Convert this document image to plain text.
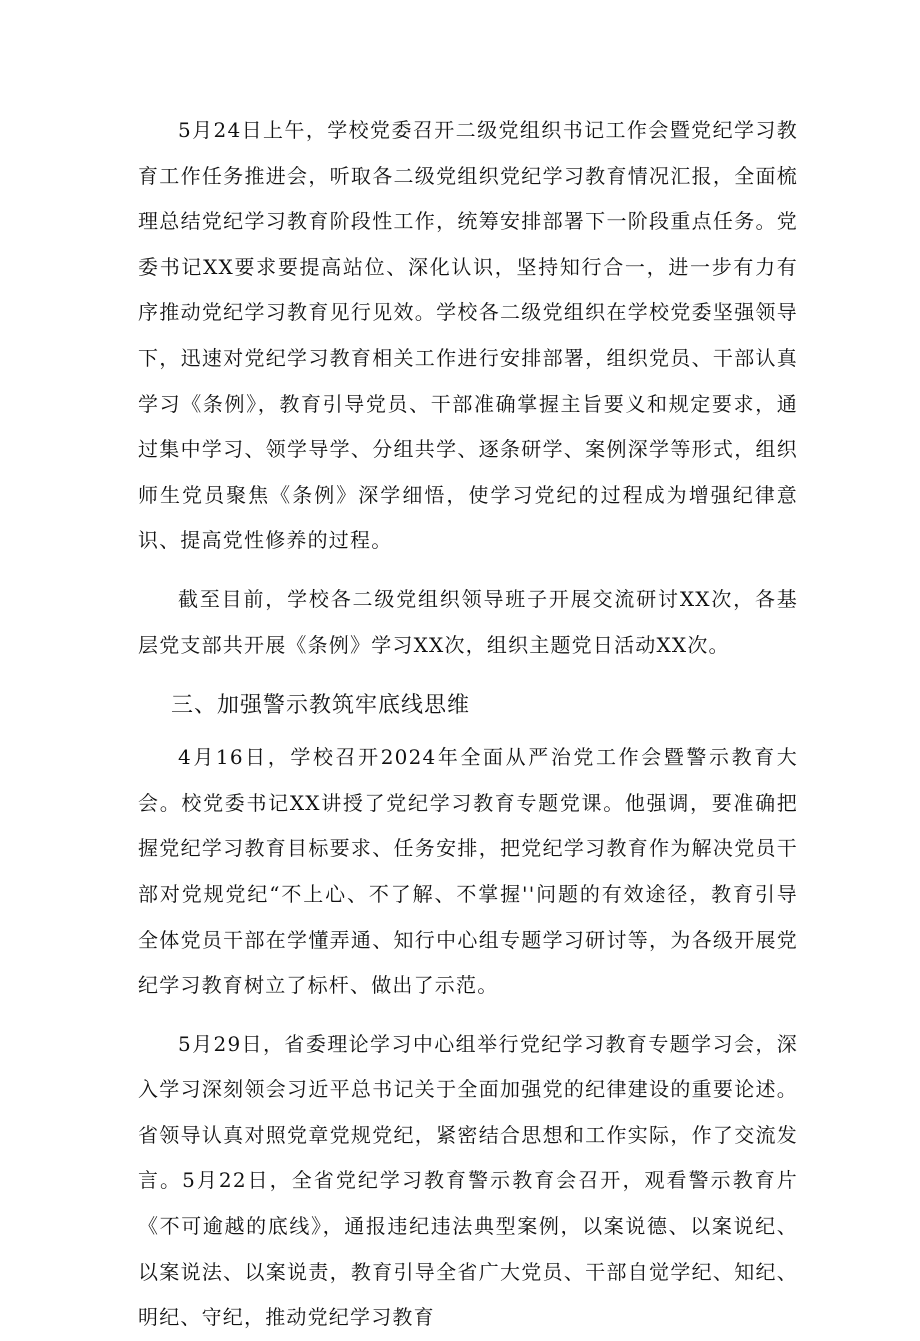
5月24日上午，学校党委召开二级党组织书记工作会暨党纪学习教育工作任务推进会，听取各二级党组织党纪学习教育情况汇报，全面梳理总结党纪学习教育阶段性工作，统筹安排部署下一阶段重点任务。党委书记XX要求要提高站位、深化认识，坚持知行合一，进一步有力有序推动党纪学习教育见行见效。学校各二级党组织在学校党委坚强领导下，迅速对党纪学习教育相关工作进行安排部署，组织党员、干部认真学习《条例》，教育引导党员、干部准确掌握主旨要义和规定要求，通过集中学习、领学导学、分组共学、逐条研学、案例深学等形式，组织师生党员聚焦《条例》深学细悟，使学习党纪的过程成为增强纪律意识、提高党性修养的过程。

截至目前，学校各二级党组织领导班子开展交流研讨XX次，各基层党支部共开展《条例》学习XX次，组织主题党日活动XX次。

三、加强警示教筑牢底线思维

4月16日，学校召开2024年全面从严治党工作会暨警示教育大会。校党委书记XX讲授了党纪学习教育专题党课。他强调，要准确把握党纪学习教育目标要求、任务安排，把党纪学习教育作为解决党员干部对党规党纪“不上心、不了解、不掌握''问题的有效途径，教育引导全体党员干部在学懂弄通、知行中心组专题学习研讨等，为各级开展党纪学习教育树立了标杆、做出了示范。

5月29日，省委理论学习中心组举行党纪学习教育专题学习会，深入学习深刻领会习近平总书记关于全面加强党的纪律建设的重要论述。省领导认真对照党章党规党纪，紧密结合思想和工作实际，作了交流发言。5月22日，全省党纪学习教育警示教育会召开，观看警示教育片《不可逾越的底线》，通报违纪违法典型案例，以案说德、以案说纪、以案说法、以案说责，教育引导全省广大党员、干部自觉学纪、知纪、明纪、守纪，推动党纪学习教育
